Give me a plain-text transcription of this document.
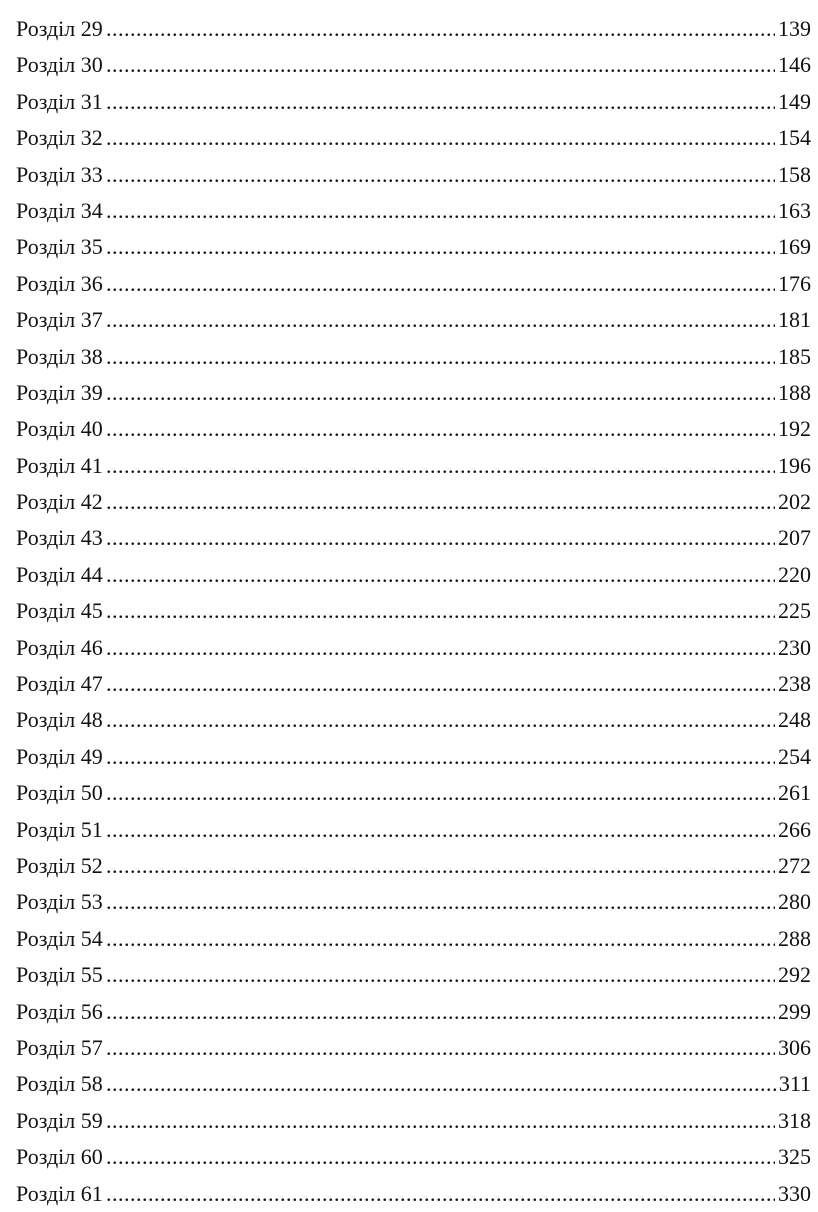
..... Розділ 29	139
..... Розділ 30	146
..... Розділ 31	149
..... Розділ 32	154
..... Розділ 33	158
..... Розділ 34	163
..... Розділ 35	169
..... Розділ 36	176
..... Розділ 37	181
..... Розділ 38	185
..... Розділ 39	188
..... Розділ 40	192
..... Розділ 41	196
..... Розділ 42	202
..... Розділ 43	207
..... Розділ 44	220
..... Розділ 45	225
..... Розділ 46	230
..... Розділ 47	238
..... Розділ 48	248
..... Розділ 49	254
..... Розділ 50	261
..... Розділ 51	266
..... Розділ 52	272
..... Розділ 53	280
..... Розділ 54	288
..... Розділ 55	292
..... Розділ 56	299
..... Розділ 57	306
..... Розділ 58	311
..... Розділ 59	318
..... Розділ 60	325
..... Розділ 61	330
